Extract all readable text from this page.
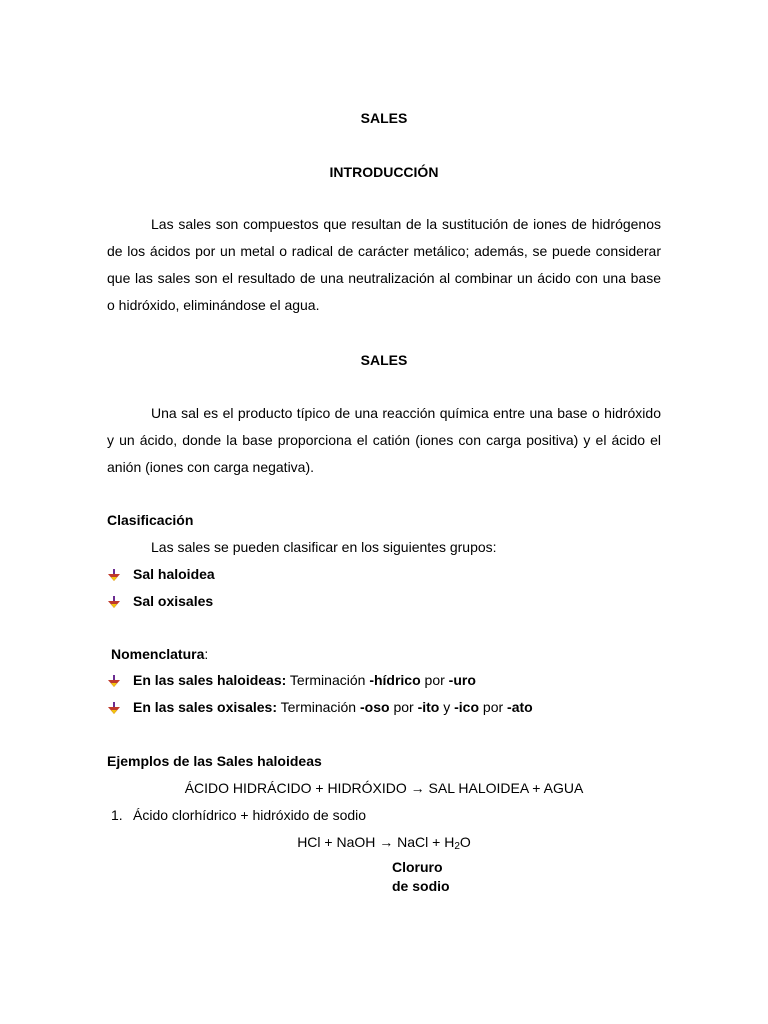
SALES
INTRODUCCIÓN

Las sales son compuestos que resultan de la sustitución de iones de hidrógenos de los ácidos por un metal o radical de carácter metálico; además, se puede considerar que las sales son el resultado de una neutralización al combinar un ácido con una base o hidróxido, eliminándose el agua.

SALES

Una sal es el producto típico de una reacción química entre una base o hidróxido y un ácido, donde la base proporciona el catión (iones con carga positiva) y el ácido el anión (iones con carga negativa).

Clasificación
Las sales se pueden clasificar en los siguientes grupos:
Sal haloidea
Sal oxisales
Nomenclatura:
En las sales haloideas: Terminación -hídrico por -uro
En las sales oxisales: Terminación -oso por -ito y -ico por -ato
Ejemplos de las Sales haloideas
ÁCIDO HIDRÁCIDO + HIDRÓXIDO → SAL HALOIDEA + AGUA
1. Ácido clorhídrico + hidróxido de sodio
HCl + NaOH → NaCl + $H_2O$
Cloruro
de sodio
